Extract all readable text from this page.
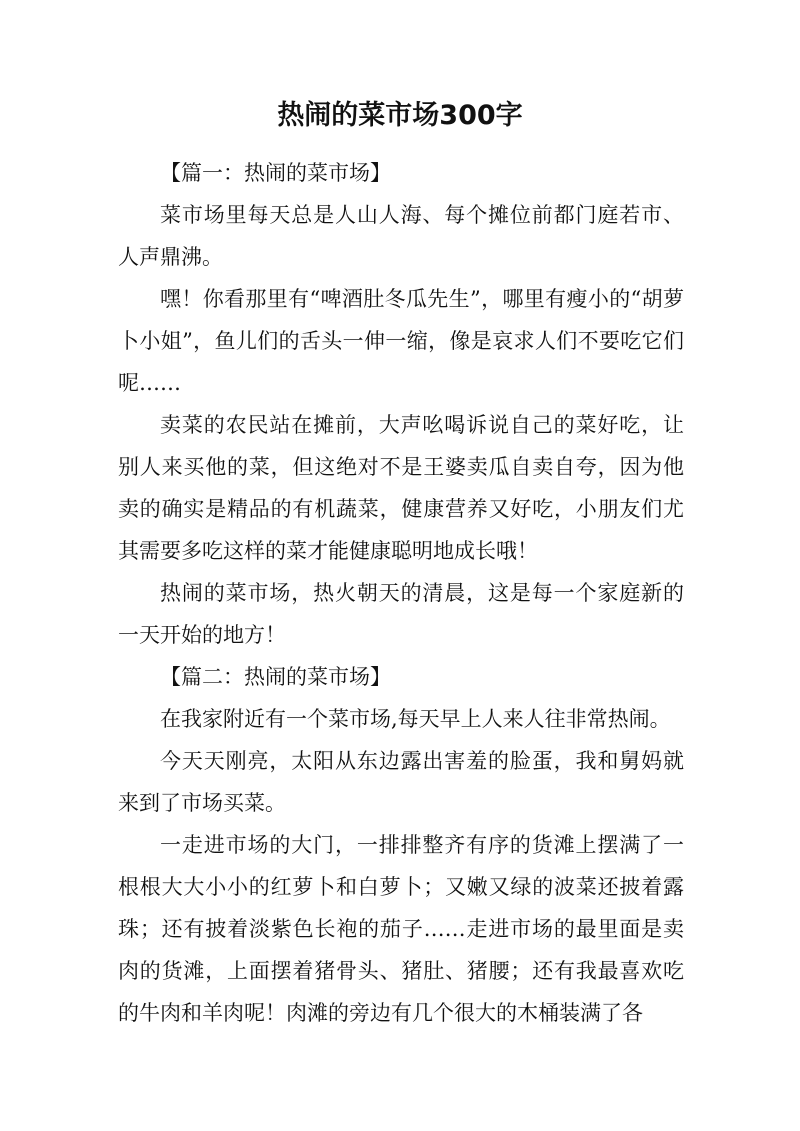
热闹的菜市场300字

【篇一：热闹的菜市场】

菜市场里每天总是人山人海、每个摊位前都门庭若市、人声鼎沸。

嘿！你看那里有“啤酒肚冬瓜先生”，哪里有瘦小的“胡萝卜小姐”，鱼儿们的舌头一伸一缩，像是哀求人们不要吃它们呢……

卖菜的农民站在摊前，大声吆喝诉说自己的菜好吃，让别人来买他的菜，但这绝对不是王婆卖瓜自卖自夸，因为他卖的确实是精品的有机蔬菜，健康营养又好吃，小朋友们尤其需要多吃这样的菜才能健康聪明地成长哦！

热闹的菜市场，热火朝天的清晨，这是每一个家庭新的一天开始的地方！

【篇二：热闹的菜市场】

在我家附近有一个菜市场,每天早上人来人往非常热闹。

今天天刚亮，太阳从东边露出害羞的脸蛋，我和舅妈就来到了市场买菜。

一走进市场的大门，一排排整齐有序的货滩上摆满了一根根大大小小的红萝卜和白萝卜；又嫩又绿的波菜还披着露珠；还有披着淡紫色长袍的茄子……走进市场的最里面是卖肉的货滩，上面摆着猪骨头、猪肚、猪腰；还有我最喜欢吃的牛肉和羊肉呢！肉滩的旁边有几个很大的木桶装满了各
